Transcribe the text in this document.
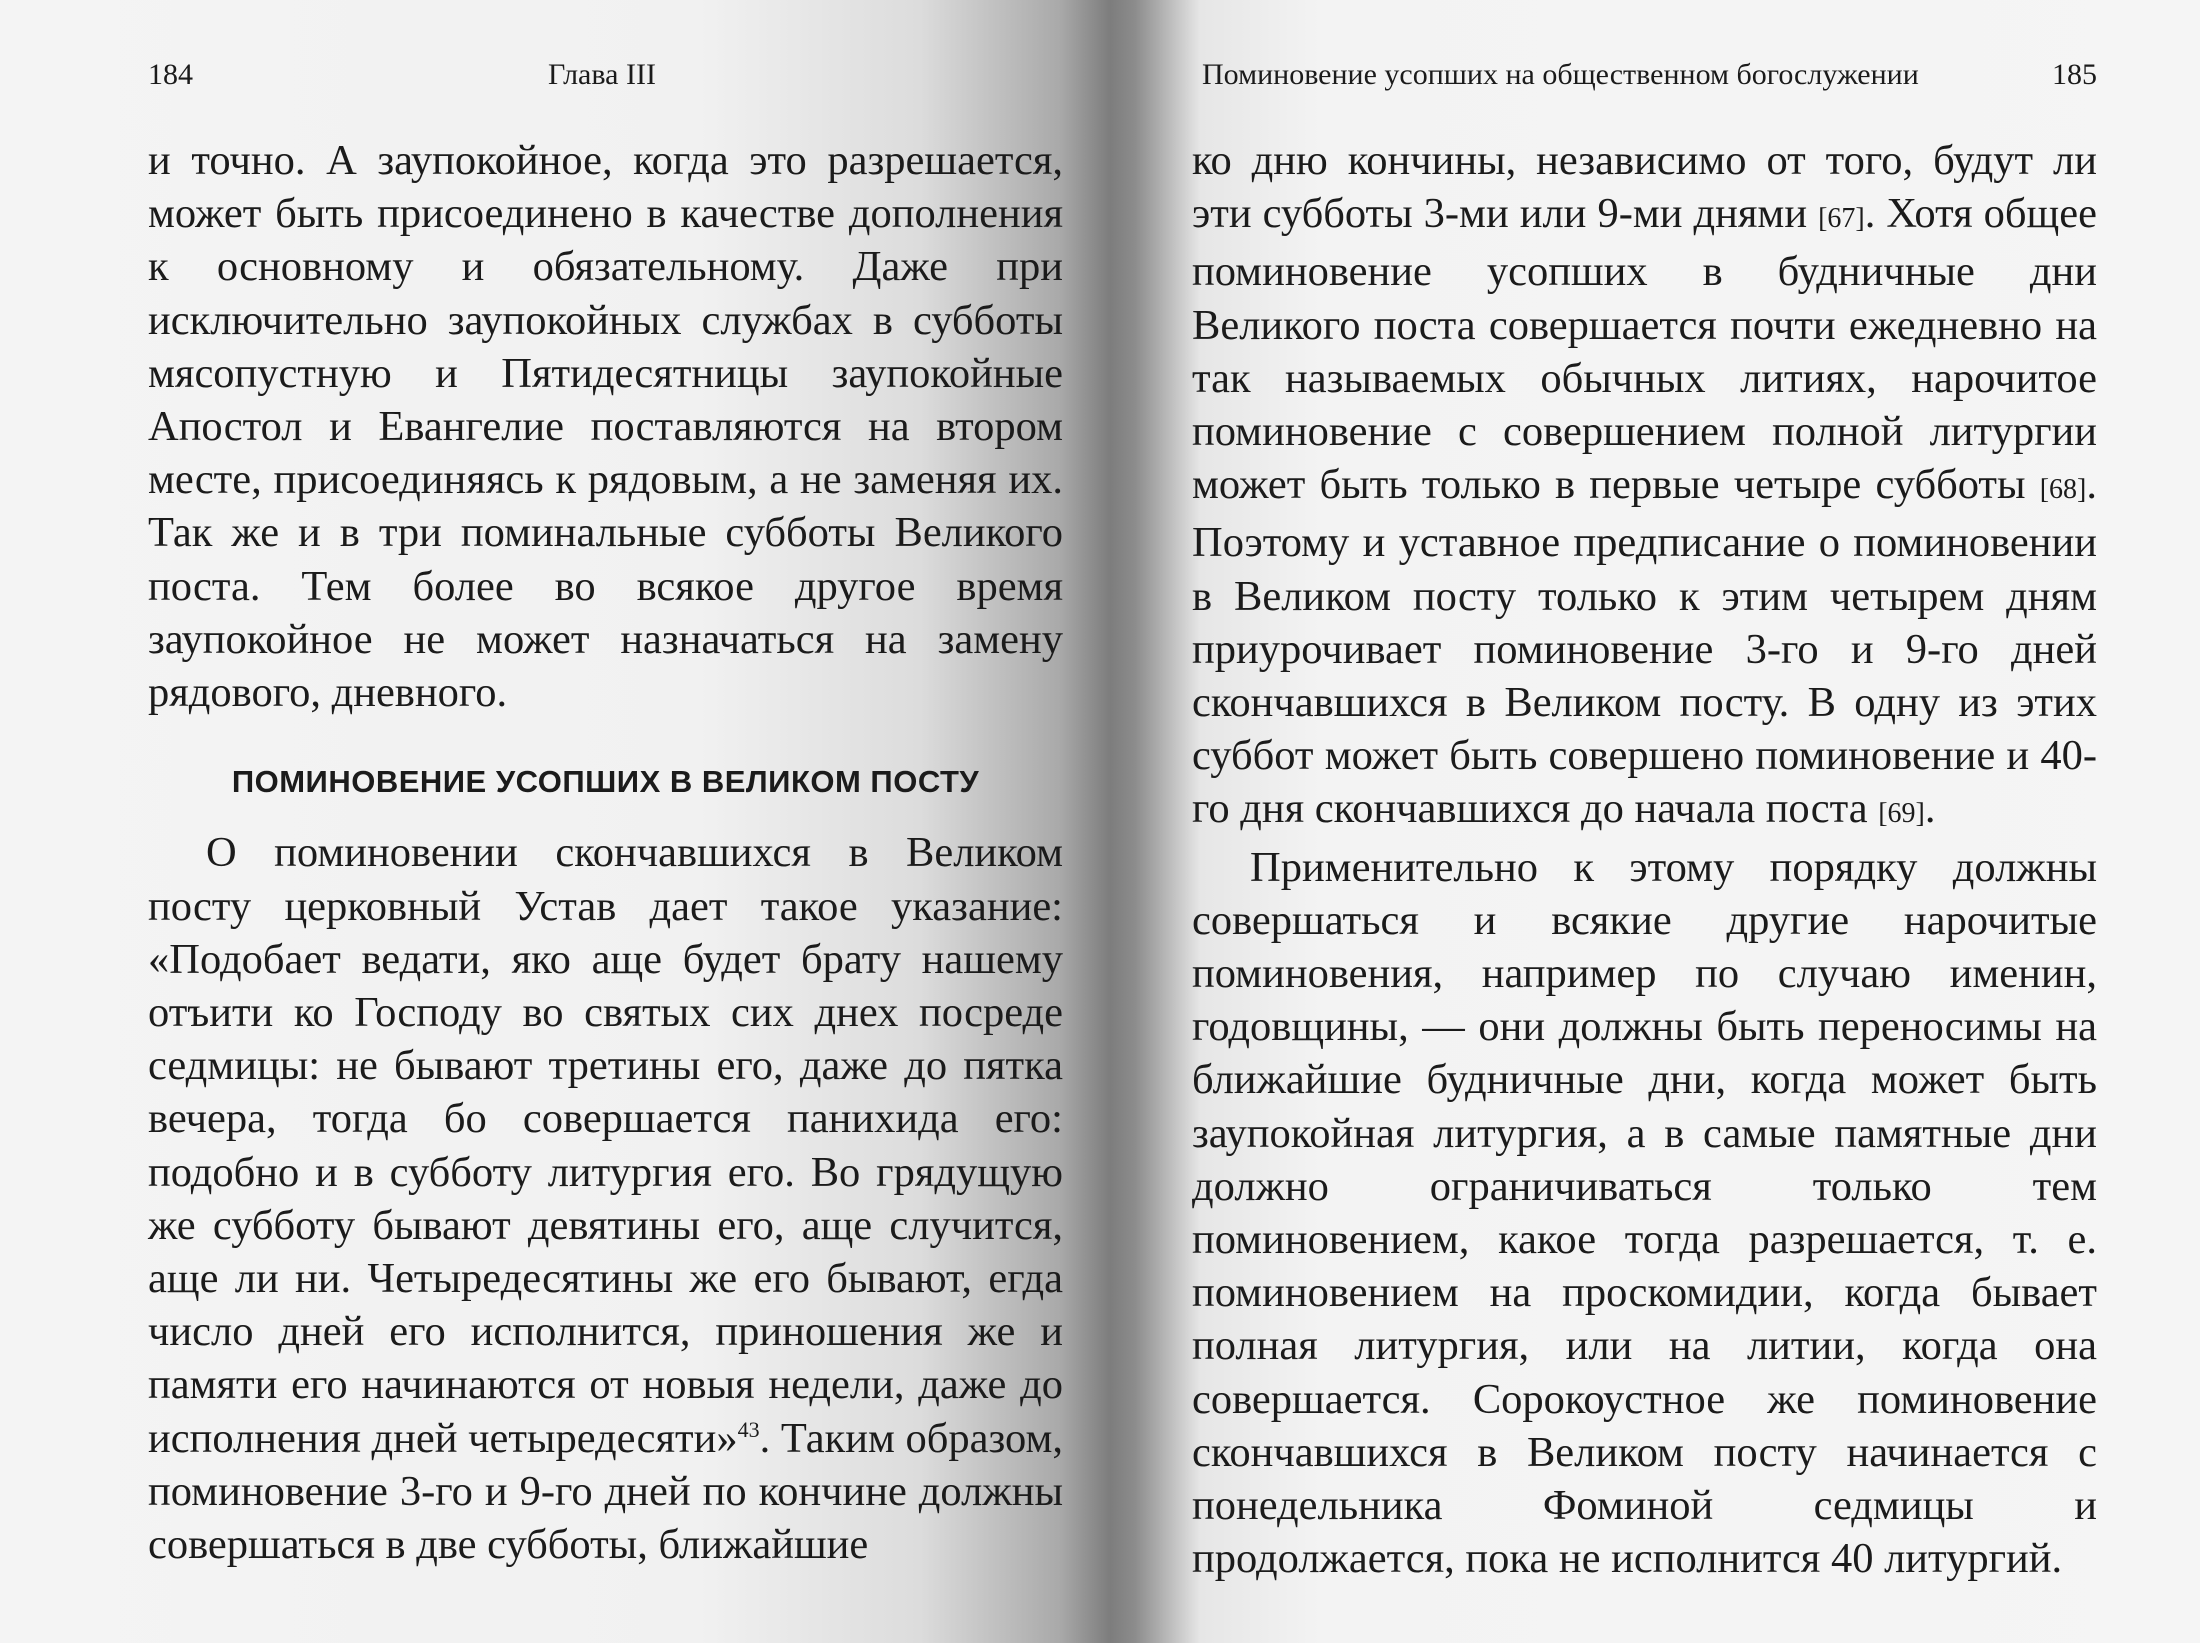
184	Глава III

и точно. А заупокойное, когда это разрешается, может быть присоединено в качестве дополнения к основному и обязательному. Даже при исключительно заупокойных службах в субботы мясопустную и Пятидесятницы заупокойные Апостол и Евангелие поставляются на втором месте, присоединяясь к рядовым, а не заменяя их. Так же и в три поминальные субботы Великого поста. Тем более во всякое другое время заупокойное не может назначаться на замену рядового, дневного.

ПОМИНОВЕНИЕ УСОПШИХ В ВЕЛИКОМ ПОСТУ

О поминовении скончавшихся в Великом посту церковный Устав дает такое указание: «Подобает ведати, яко аще будет брату нашему отъити ко Господу во святых сих днех посреде седмицы: не бывают третины его, даже до пятка вечера, тогда бо совершается панихида его: подобно и в субботу литургия его. Во грядущую же субботу бывают девятины его, аще случится, аще ли ни. Четыредесятины же его бывают, егда число дней его исполнится, приношения же и памяти его начинаются от новыя недели, даже до исполнения дней четыредесяти»$^{43}$. Таким образом, поминовение 3-го и 9-го дней по кончине должны совершаться в две субботы, ближайшие

Поминовение усопших на общественном богослужении	185

ко дню кончины, независимо от того, будут ли эти субботы 3-ми или 9-ми днями [67]. Хотя общее поминовение усопших в будничные дни Великого поста совершается почти ежедневно на так называемых обычных литиях, нарочитое поминовение с совершением полной литургии может быть только в первые четыре субботы [68]. Поэтому и уставное предписание о поминовении в Великом посту только к этим четырем дням приурочивает поминовение 3-го и 9-го дней скончавшихся в Великом посту. В одну из этих суббот может быть совершено поминовение и 40-го дня скончавшихся до начала поста [69].

Применительно к этому порядку должны совершаться и всякие другие нарочитые поминовения, например по случаю именин, годовщины, — они должны быть переносимы на ближайшие будничные дни, когда может быть заупокойная литургия, а в самые памятные дни должно ограничиваться только тем поминовением, какое тогда разрешается, т. е. поминовением на проскомидии, когда бывает полная литургия, или на литии, когда она совершается. Сорокоустное же поминовение скончавшихся в Великом посту начинается с понедельника Фоминой седмицы и продолжается, пока не исполнится 40 литургий.
